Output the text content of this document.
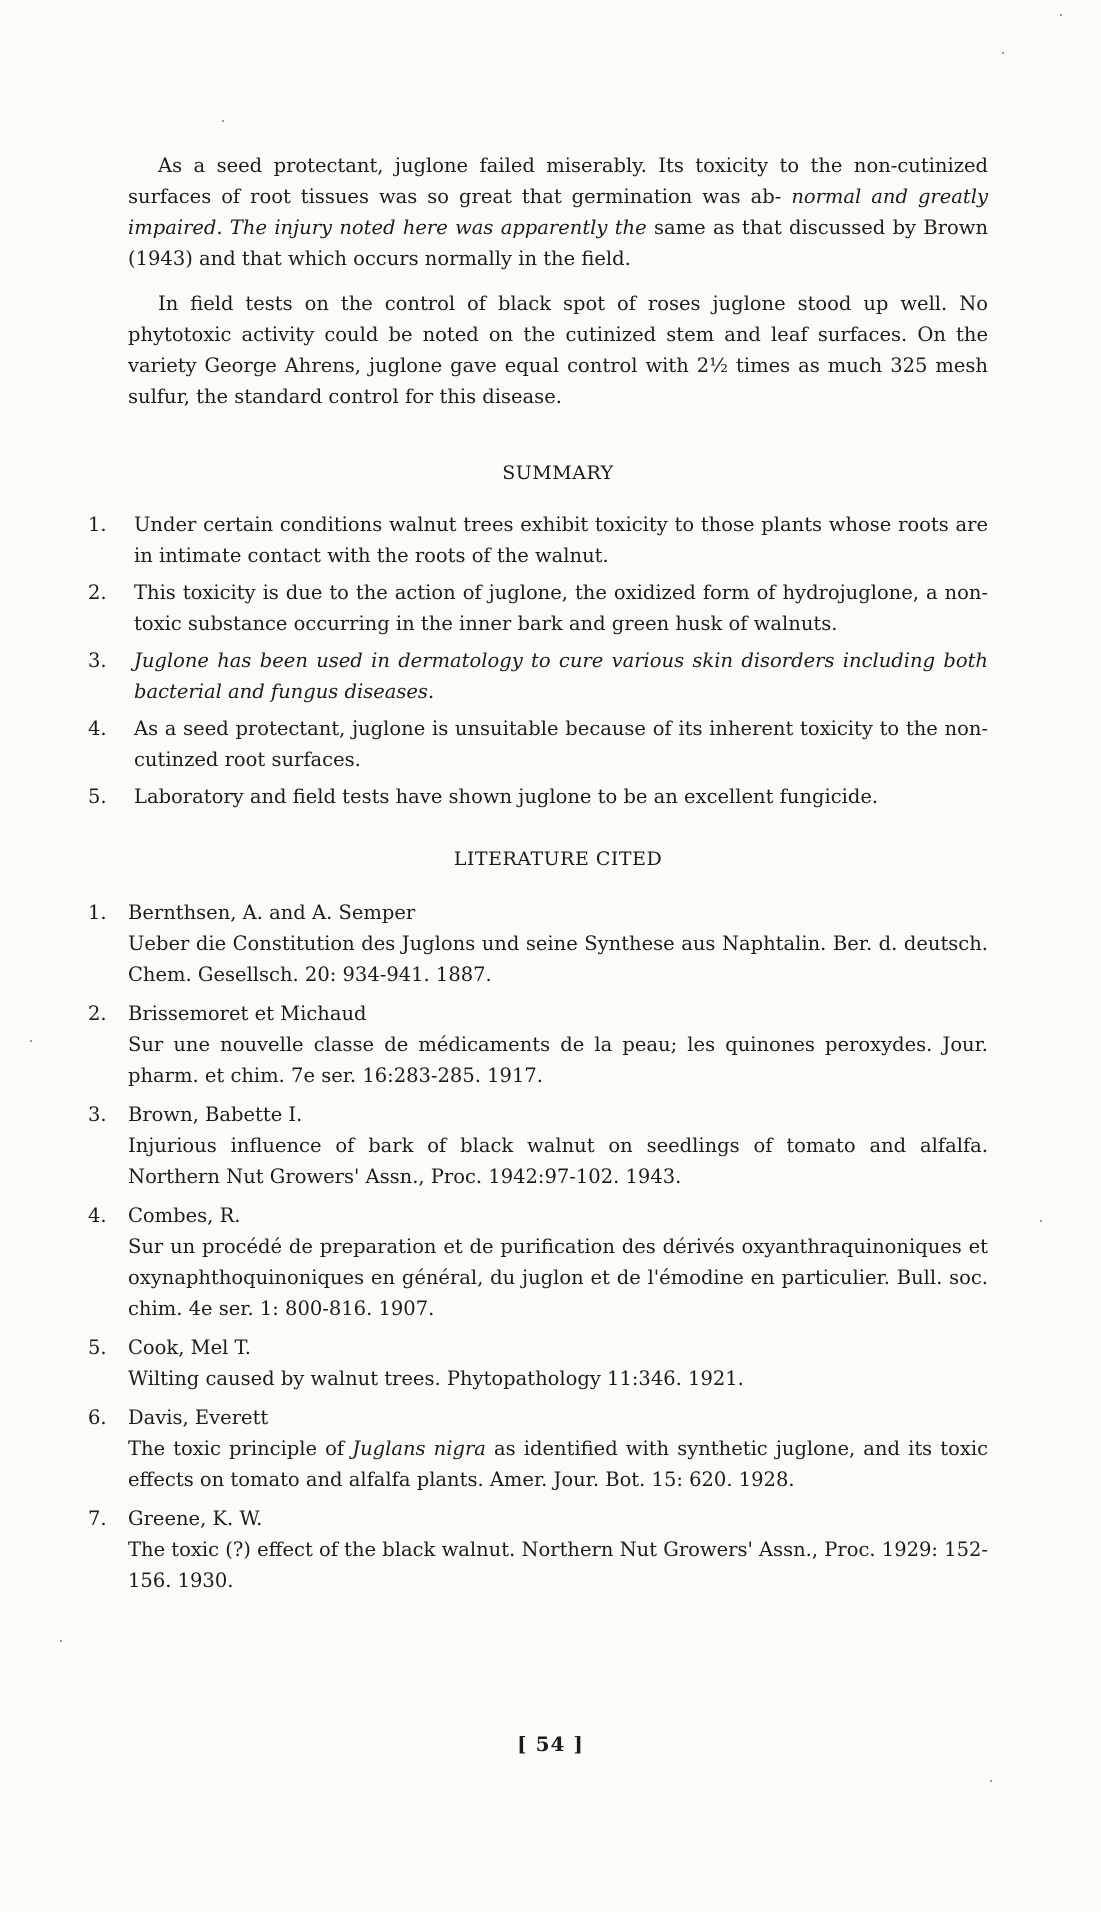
As a seed protectant, juglone failed miserably. Its toxicity to the non-cutinized surfaces of root tissues was so great that germination was ab- normal and greatly impaired. The injury noted here was apparently the same as that discussed by Brown (1943) and that which occurs normally in the field.

In field tests on the control of black spot of roses juglone stood up well. No phytotoxic activity could be noted on the cutinized stem and leaf surfaces. On the variety George Ahrens, juglone gave equal control with 2½ times as much 325 mesh sulfur, the standard control for this disease.

SUMMARY
1.	Under certain conditions walnut trees exhibit toxicity to those plants whose roots are in intimate contact with the roots of the walnut.
2.	This toxicity is due to the action of juglone, the oxidized form of hydrojuglone, a non-toxic substance occurring in the inner bark and green husk of walnuts.
3.	Juglone has been used in dermatology to cure various skin disorders including both bacterial and fungus diseases.
4.	As a seed protectant, juglone is unsuitable because of its inherent toxicity to the non-cutinzed root surfaces.
5.	Laboratory and field tests have shown juglone to be an excellent fungicide.
LITERATURE CITED
1.	Bernthsen, A. and A. Semper
Ueber die Constitution des Juglons und seine Synthese aus Naphtalin. Ber. d. deutsch. Chem. Gesellsch. 20: 934-941. 1887.
2.	Brissemoret et Michaud
Sur une nouvelle classe de médicaments de la peau; les quinones peroxydes. Jour. pharm. et chim. 7e ser. 16:283-285. 1917.
3.	Brown, Babette I.
Injurious influence of bark of black walnut on seedlings of tomato and alfalfa. Northern Nut Growers' Assn., Proc. 1942:97-102. 1943.
4.	Combes, R.
Sur un procédé de preparation et de purification des dérivés oxyanthraquinoniques et oxynaphthoquinoniques en général, du juglon et de l'émodine en particulier. Bull. soc. chim. 4e ser. 1: 800-816. 1907.
5.	Cook, Mel T.
Wilting caused by walnut trees. Phytopathology 11:346. 1921.
6.	Davis, Everett
The toxic principle of Juglans nigra as identified with synthetic juglone, and its toxic effects on tomato and alfalfa plants. Amer. Jour. Bot. 15: 620. 1928.
7.	Greene, K. W.
The toxic (?) effect of the black walnut. Northern Nut Growers' Assn., Proc. 1929: 152-156. 1930.
[ 54 ]
